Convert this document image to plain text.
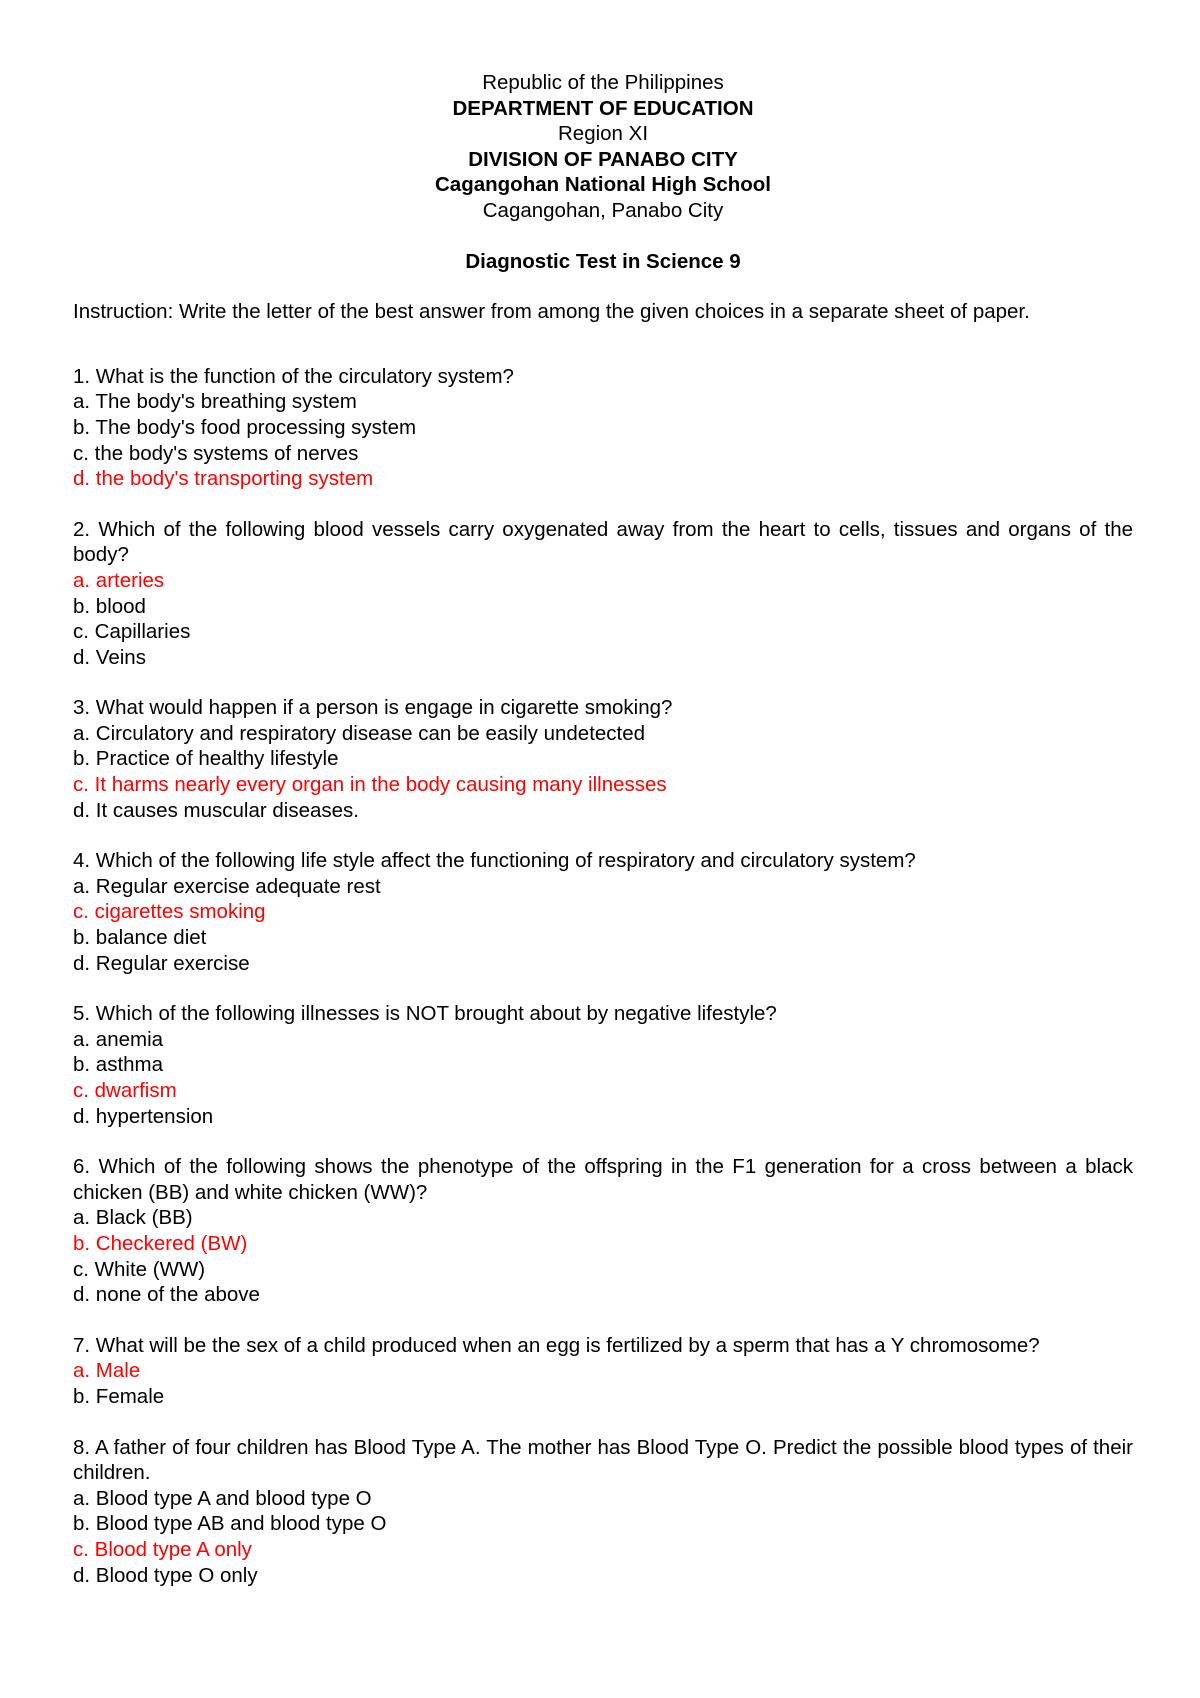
Republic of the Philippines
DEPARTMENT OF EDUCATION
Region XI
DIVISION OF PANABO CITY
Cagangohan National High School
Cagangohan, Panabo City
Diagnostic Test in Science 9
Instruction: Write the letter of the best answer from among the given choices in a separate sheet of paper.
1. What is the function of the circulatory system?
a. The body's breathing system
b. The body's food processing system
c. the body's systems of nerves
d. the body's transporting system
2. Which of the following blood vessels carry oxygenated away from the heart to cells, tissues and organs of the body?
a. arteries
b. blood
c. Capillaries
d. Veins
3. What would happen if a person is engage in cigarette smoking?
a. Circulatory and respiratory disease can be easily undetected
b. Practice of healthy lifestyle
c. It harms nearly every organ in the body causing many illnesses
d. It causes muscular diseases.
4. Which of the following life style affect the functioning of respiratory and circulatory system?
a. Regular exercise adequate rest
c. cigarettes smoking
b. balance diet
d. Regular exercise
5. Which of the following illnesses is NOT brought about by negative lifestyle?
a. anemia
b. asthma
c. dwarfism
d. hypertension
6. Which of the following shows the phenotype of the offspring in the F1 generation for a cross between a black chicken (BB) and white chicken (WW)?
a. Black (BB)
b. Checkered (BW)
c. White (WW)
d. none of the above
7. What will be the sex of a child produced when an egg is fertilized by a sperm that has a Y chromosome?
a. Male
b. Female
8. A father of four children has Blood Type A. The mother has Blood Type O. Predict the possible blood types of their children.
a. Blood type A and blood type O
b. Blood type AB and blood type O
c. Blood type A only
d. Blood type O only
